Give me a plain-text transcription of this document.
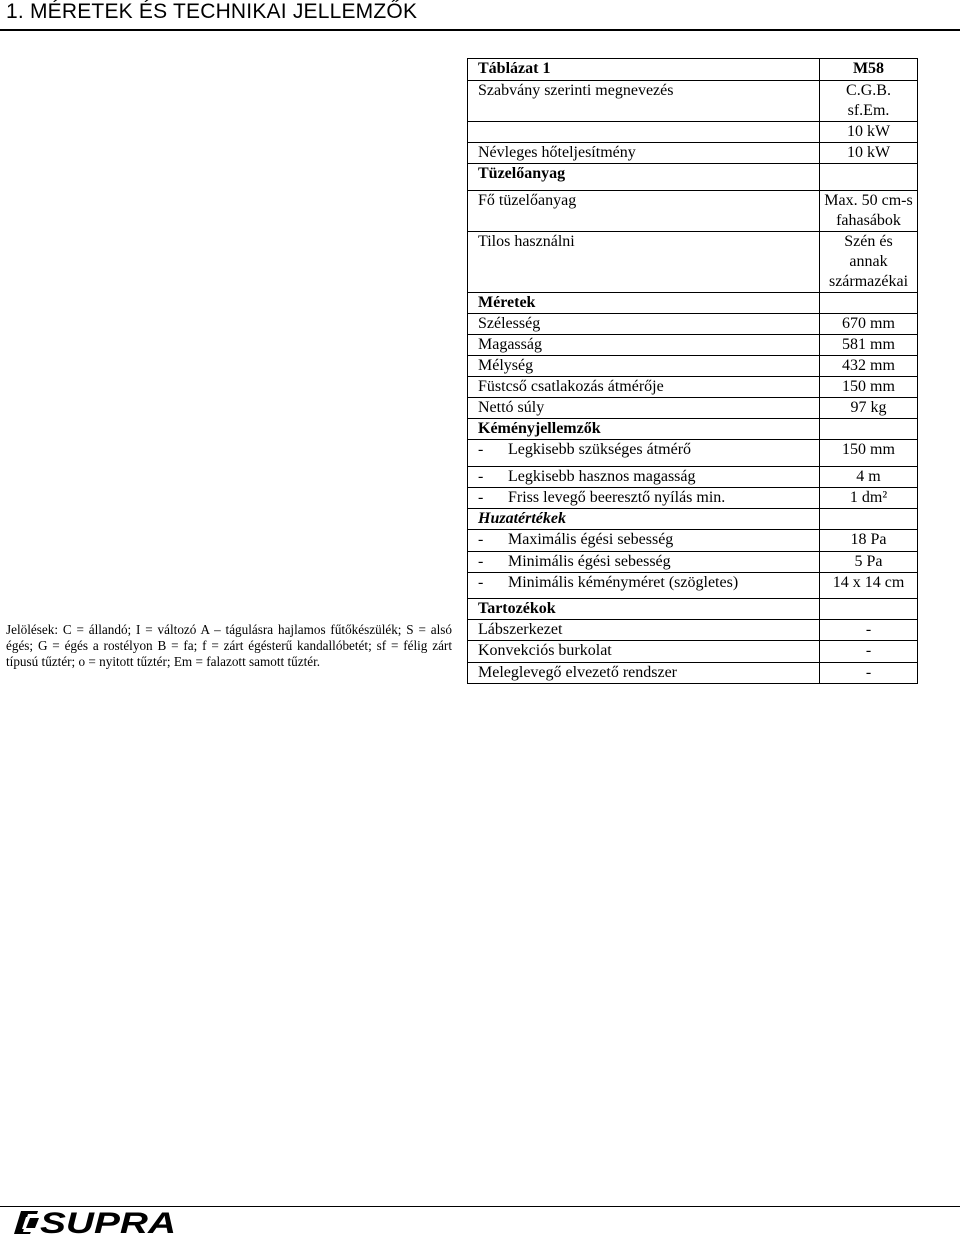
1. MÉRETEK ÉS TECHNIKAI JELLEMZŐK
Jelölések: C = állandó; I = változó A – tágulásra hajlamos fűtőkészülék; S = alsó égés; G = égés a rostélyon B = fa; f = zárt égésterű kandallóbetét; sf = félig zárt típusú tűztér; o = nyitott tűztér; Em = falazott samott tűztér.
Táblázat 1	M58
Szabvány szerinti megnevezés	C.G.B. sf.Em.
	10 kW
Névleges hőteljesítmény	10 kW
Tüzelőanyag	
Fő tüzelőanyag	Max. 50 cm-s fahasábok
Tilos használni	Szén és annak származékai
Méretek	
Szélesség	670 mm
Magasság	581 mm
Mélység	432 mm
Füstcső csatlakozás átmérője	150 mm
Nettó súly	97 kg
Kéményjellemzők	
- Legkisebb szükséges átmérő	150 mm
- Legkisebb hasznos magasság	4 m
- Friss levegő beeresztő nyílás min.	1 dm²
Huzatértékek	
- Maximális égési sebesség	18 Pa
- Minimális égési sebesség	5 Pa
- Minimális kéményméret (szögletes)	14 x 14 cm
Tartozékok	
Lábszerkezet	-
Konvekciós burkolat	-
Meleglevegő elvezető rendszer	-
SUPRA
